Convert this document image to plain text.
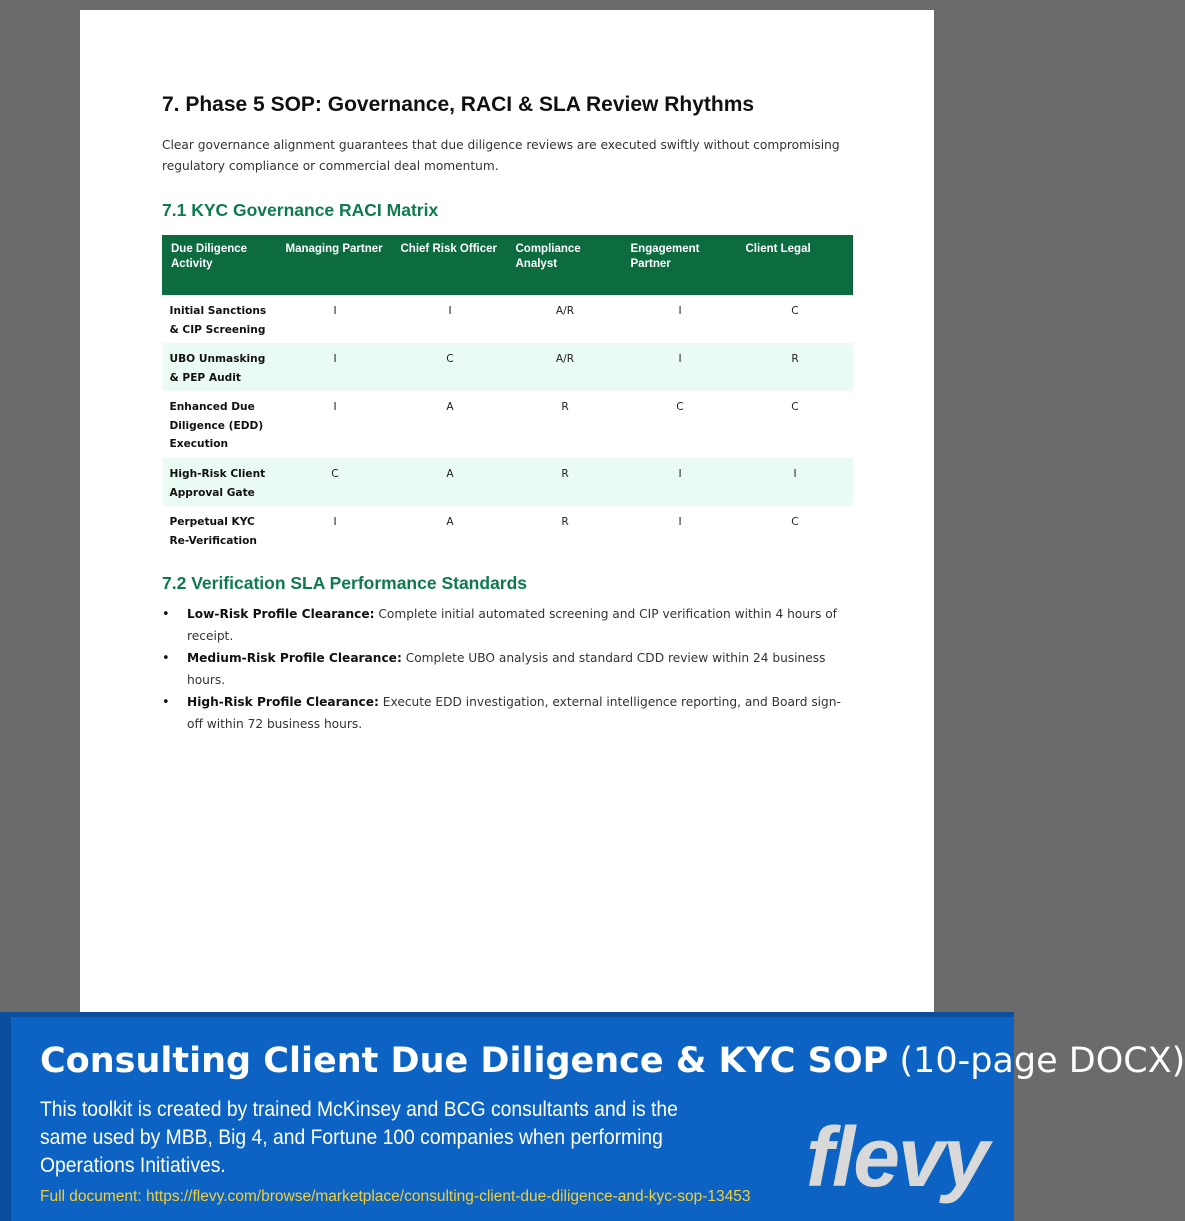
7. Phase 5 SOP: Governance, RACI & SLA Review Rhythms

Clear governance alignment guarantees that due diligence reviews are executed swiftly without compromising regulatory compliance or commercial deal momentum.

7.1 KYC Governance RACI Matrix
Due Diligence Activity	Managing Partner	Chief Risk Officer	Compliance Analyst	Engagement Partner	Client Legal
Initial Sanctions & CIP Screening	I	I	A/R	I	C
UBO Unmasking & PEP Audit	I	C	A/R	I	R
Enhanced Due Diligence (EDD) Execution	I	A	R	C	C
High-Risk Client Approval Gate	C	A	R	I	I
Perpetual KYC Re-Verification	I	A	R	I	C
7.2 Verification SLA Performance Standards
• Low-Risk Profile Clearance: Complete initial automated screening and CIP verification within 4 hours of receipt.
• Medium-Risk Profile Clearance: Complete UBO analysis and standard CDD review within 24 business hours.
• High-Risk Profile Clearance: Execute EDD investigation, external intelligence reporting, and Board sign-off within 72 business hours.
Consulting Client Due Diligence & KYC SOP (10-page DOCX)
This toolkit is created by trained McKinsey and BCG consultants and is the same used by MBB, Big 4, and Fortune 100 companies when performing Operations Initiatives.
Full document: https://flevy.com/browse/marketplace/consulting-client-due-diligence-and-kyc-sop-13453 flevy
